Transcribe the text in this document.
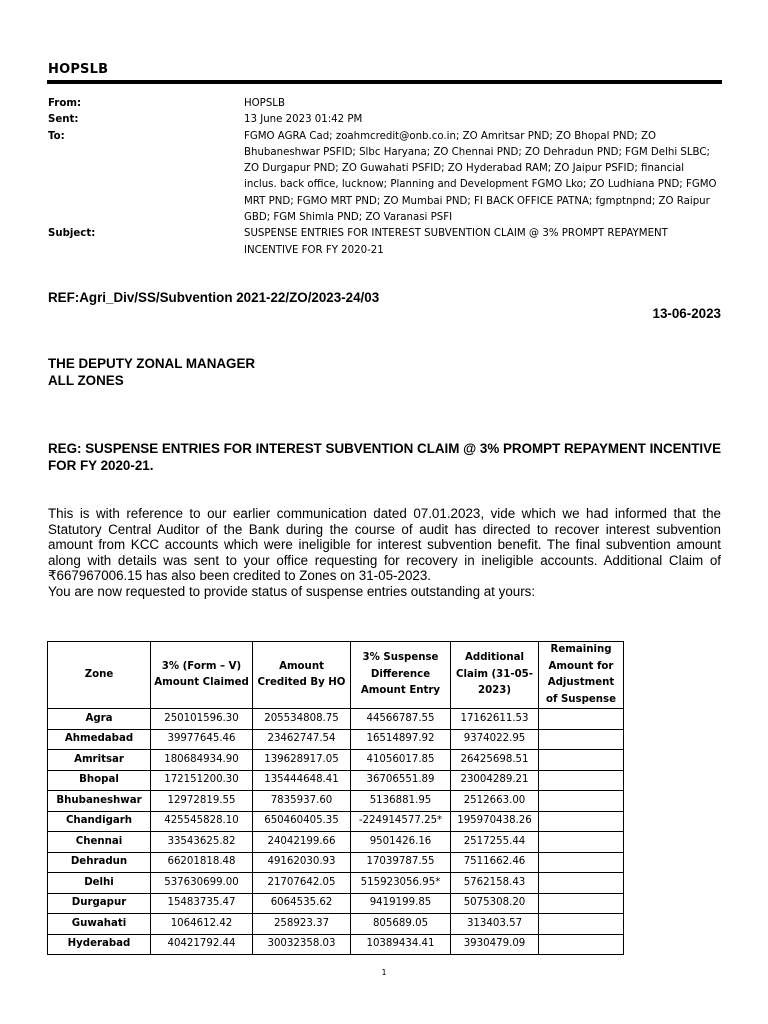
HOPSLB
From:	HOPSLB
Sent:	13 June 2023 01:42 PM
To:	FGMO AGRA Cad; zoahmcredit@onb.co.in; ZO Amritsar PND; ZO Bhopal PND; ZO Bhubaneshwar PSFID; Slbc Haryana; ZO Chennai PND; ZO Dehradun PND; FGM Delhi SLBC; ZO Durgapur PND; ZO Guwahati PSFID; ZO Hyderabad RAM; ZO Jaipur PSFID; financial inclus. back office, lucknow; Planning and Development FGMO Lko; ZO Ludhiana PND; FGMO MRT PND; FGMO MRT PND; ZO Mumbai PND; FI BACK OFFICE PATNA; fgmptnpnd; ZO Raipur GBD; FGM Shimla PND; ZO Varanasi PSFI
Subject:	SUSPENSE ENTRIES FOR INTEREST SUBVENTION CLAIM @ 3% PROMPT REPAYMENT INCENTIVE FOR FY 2020-21
REF:Agri_Div/SS/Subvention 2021-22/ZO/2023-24/03
13-06-2023
THE DEPUTY ZONAL MANAGER
ALL ZONES
REG: SUSPENSE ENTRIES FOR INTEREST SUBVENTION CLAIM @ 3% PROMPT REPAYMENT INCENTIVE FOR FY 2020-21.
This is with reference to our earlier communication dated 07.01.2023, vide which we had informed that the Statutory Central Auditor of the Bank during the course of audit has directed to recover interest subvention amount from KCC accounts which were ineligible for interest subvention benefit. The final subvention amount along with details was sent to your office requesting for recovery in ineligible accounts. Additional Claim of ₹667967006.15 has also been credited to Zones on 31-05-2023.
You are now requested to provide status of suspense entries outstanding at yours:
Zone	3% (Form – V) Amount Claimed	Amount Credited By HO	3% Suspense Difference Amount Entry	Additional Claim (31-05-2023)	Remaining Amount for Adjustment of Suspense
Agra	250101596.30	205534808.75	44566787.55	17162611.53	
Ahmedabad	39977645.46	23462747.54	16514897.92	9374022.95	
Amritsar	180684934.90	139628917.05	41056017.85	26425698.51	
Bhopal	172151200.30	135444648.41	36706551.89	23004289.21	
Bhubaneshwar	12972819.55	7835937.60	5136881.95	2512663.00	
Chandigarh	425545828.10	650460405.35	-224914577.25*	195970438.26	
Chennai	33543625.82	24042199.66	9501426.16	2517255.44	
Dehradun	66201818.48	49162030.93	17039787.55	7511662.46	
Delhi	537630699.00	21707642.05	515923056.95*	5762158.43	
Durgapur	15483735.47	6064535.62	9419199.85	5075308.20	
Guwahati	1064612.42	258923.37	805689.05	313403.57	
Hyderabad	40421792.44	30032358.03	10389434.41	3930479.09	
1
